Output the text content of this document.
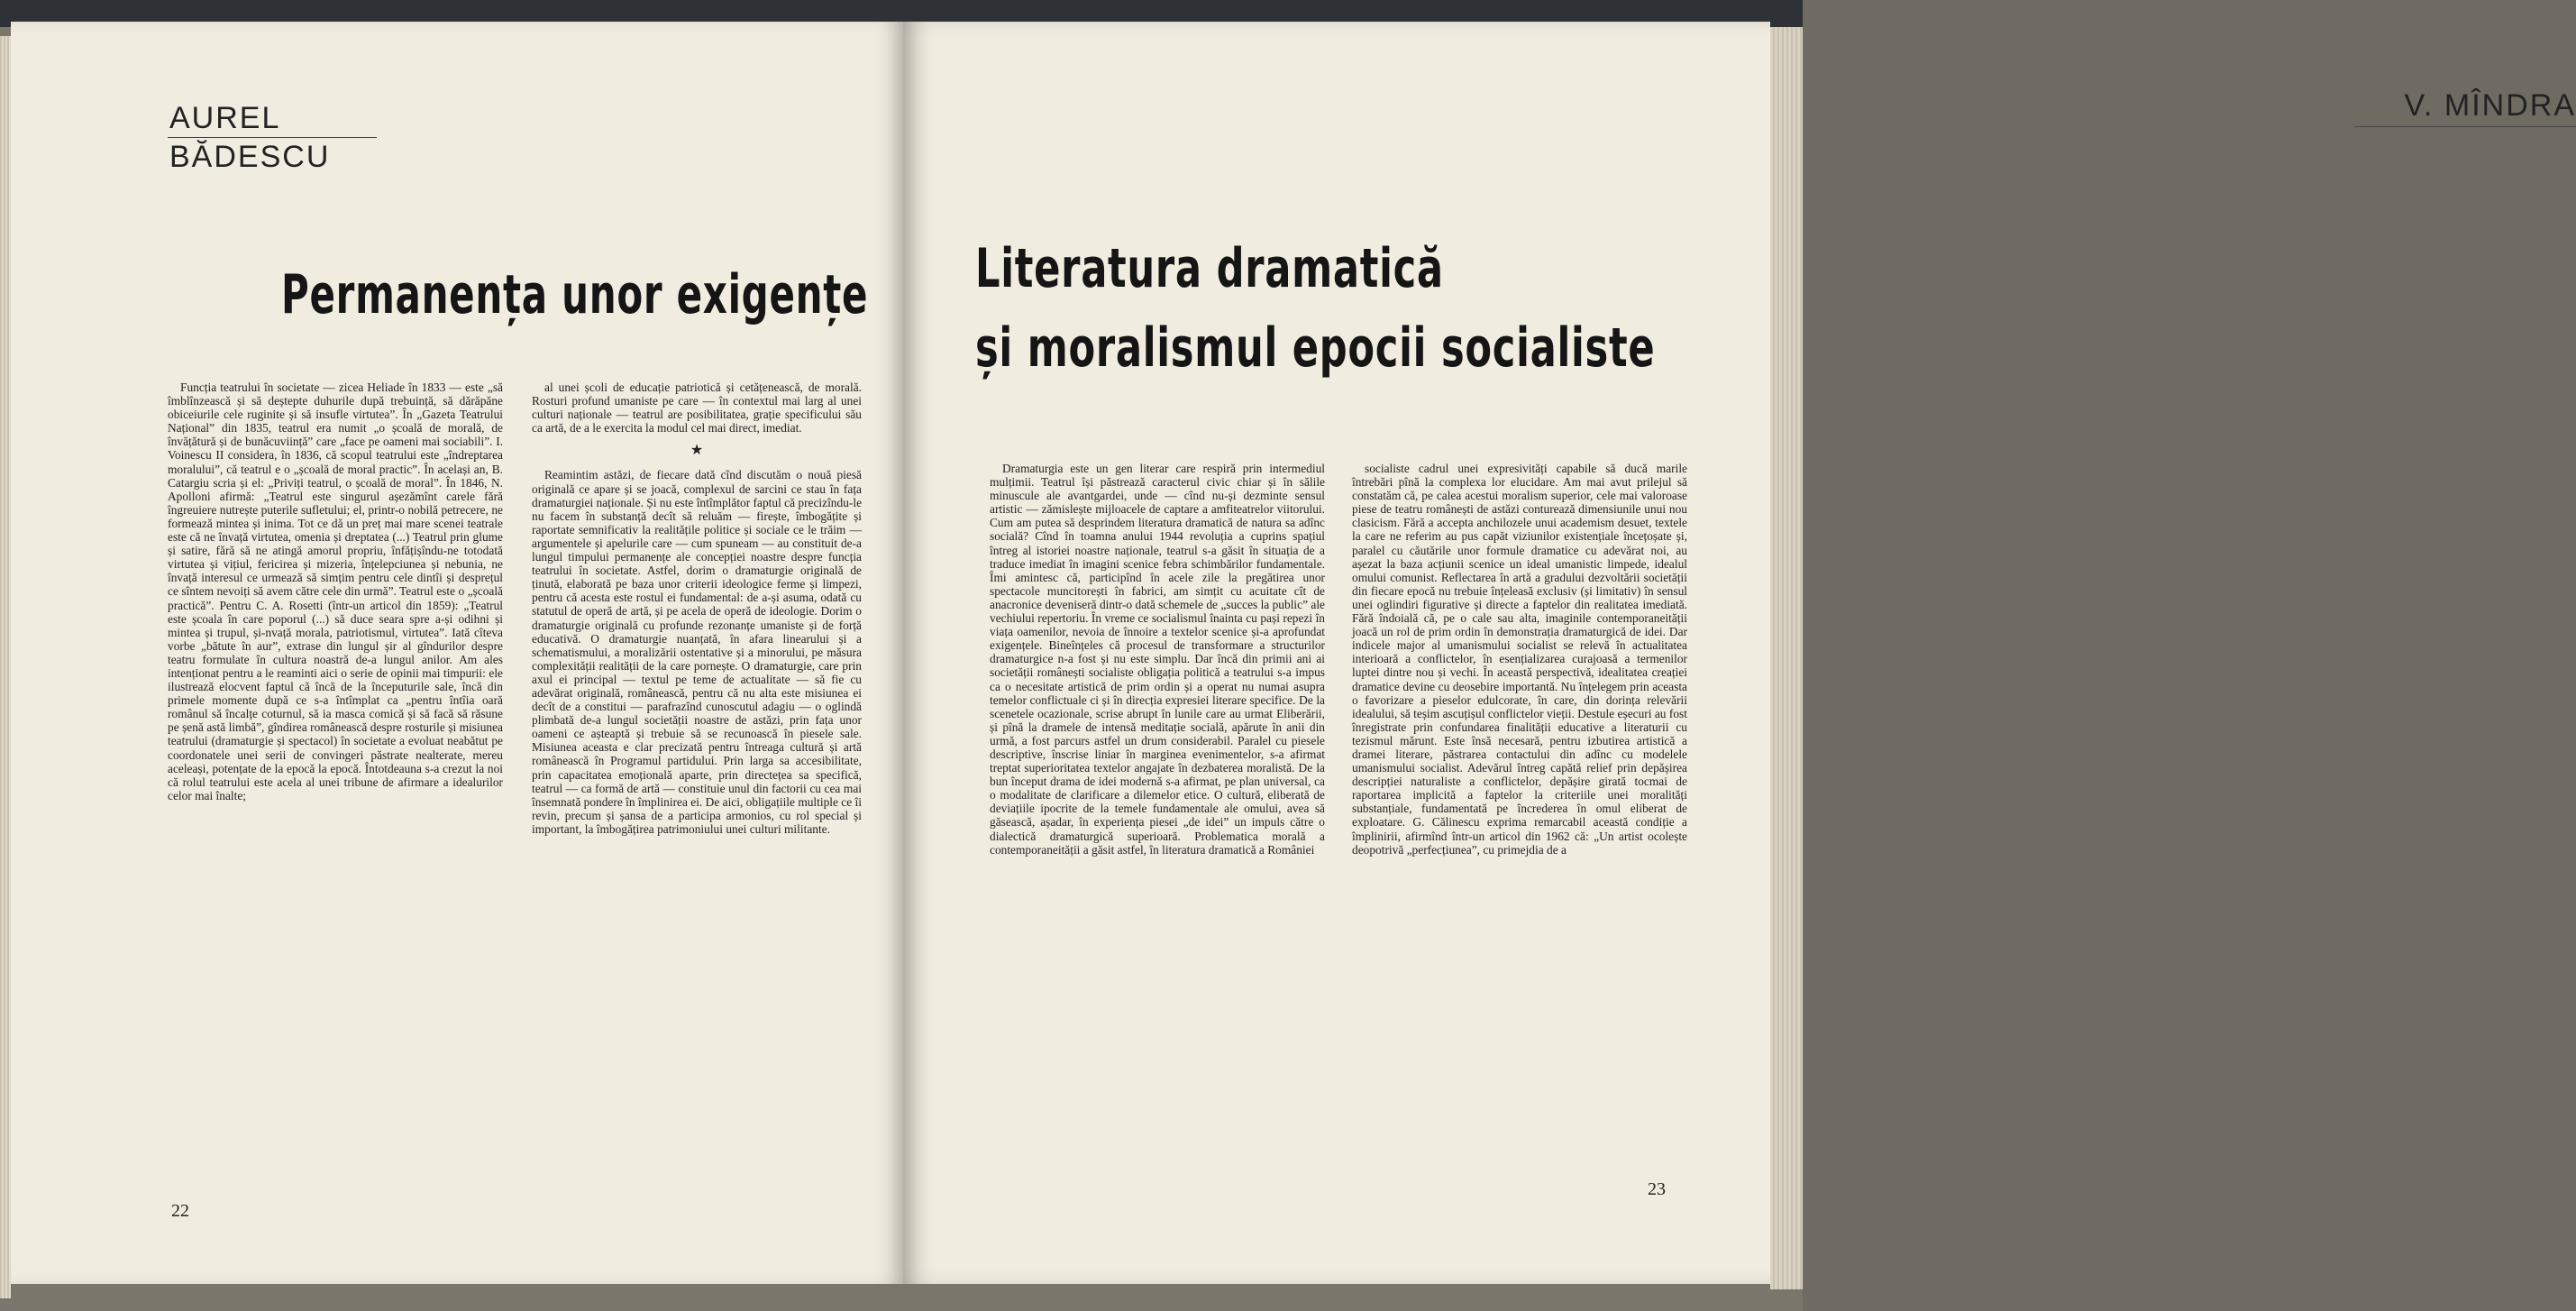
AUREL
BĂDESCU
Permanența unor exigențe

Funcția teatrului în societate — zicea Heliade în 1833 — este „să îmblînzească și să deștepte duhurile după trebuință, să dărăpăne obiceiurile cele ruginite și să insufle virtutea”. În „Gazeta Teatrului Național” din 1835, teatrul era numit „o școală de morală, de învățătură și de bunăcuviință” care „face pe oameni mai sociabili”. I. Voinescu II considera, în 1836, că scopul teatrului este „îndreptarea moralului”, că teatrul e o „școală de moral practic”. În același an, B. Catargiu scria și el: „Priviți teatrul, o școală de moral”. În 1846, N. Apolloni afirmă: „Teatrul este singurul așezămînt carele fără îngreuiere nutrește puterile sufletului; el, printr-o nobilă petrecere, ne formează mintea și inima. Tot ce dă un preț mai mare scenei teatrale este că ne învață virtutea, omenia și dreptatea (...) Teatrul prin glume și satire, fără să ne atingă amorul propriu, înfățișîndu-ne totodată virtutea și vițiul, fericirea și mizeria, înțelepciunea și nebunia, ne învață interesul ce urmează să simțim pentru cele dintîi și desprețul ce sîntem nevoiți să avem către cele din urmă”. Teatrul este o „școală practică”. Pentru C. A. Rosetti (într-un articol din 1859): „Teatrul este școala în care poporul (...) să duce seara spre a-și odihni și mintea și trupul, și-nvață morala, patriotismul, virtutea”. Iată cîteva vorbe „bătute în aur”, extrase din lungul șir al gîndurilor despre teatru formulate în cultura noastră de-a lungul anilor. Am ales intenționat pentru a le reaminti aici o serie de opinii mai timpurii: ele ilustrează elocvent faptul că încă de la începuturile sale, încă din primele momente după ce s-a întîmplat ca „pentru întîia oară românul să încalțe coturnul, să ia masca comică și să facă să răsune pe șenă astă limbă”, gîndirea românească despre rosturile și misiunea teatrului (dramaturgie și spectacol) în societate a evoluat neabătut pe coordonatele unei serii de convingeri păstrate nealterate, mereu aceleași, potențate de la epocă la epocă. Întotdeauna s-a crezut la noi că rolul teatrului este acela al unei tribune de afirmare a idealurilor celor mai înalte;

al unei școli de educație patriotică și cetățenească, de morală. Rosturi profund umaniste pe care — în contextul mai larg al unei culturi naționale — teatrul are posibilitatea, grație specificului său ca artă, de a le exercita la modul cel mai direct, imediat.

★

Reamintim astăzi, de fiecare dată cînd discutăm o nouă piesă originală ce apare și se joacă, complexul de sarcini ce stau în fața dramaturgiei naționale. Și nu este întîmplător faptul că precizîndu-le nu facem în substanță decît să reluăm — firește, îmbogățite și raportate semnificativ la realitățile politice și sociale ce le trăim — argumentele și apelurile care — cum spuneam — au constituit de-a lungul timpului permanențe ale concepției noastre despre funcția teatrului în societate. Astfel, dorim o dramaturgie originală de ținută, elaborată pe baza unor criterii ideologice ferme și limpezi, pentru că acesta este rostul ei fundamental: de a-și asuma, odată cu statutul de operă de artă, și pe acela de operă de ideologie. Dorim o dramaturgie originală cu profunde rezonanțe umaniste și de forță educativă. O dramaturgie nuanțată, în afara linearului și a schematismului, a moralizării ostentative și a minorului, pe măsura complexității realității de la care pornește. O dramaturgie, care prin axul ei principal — textul pe teme de actualitate — să fie cu adevărat originală, românească, pentru că nu alta este misiunea ei decît de a constitui — parafrazînd cunoscutul adagiu — o oglindă plimbată de-a lungul societății noastre de astăzi, prin fața unor oameni ce așteaptă și trebuie să se recunoască în piesele sale. Misiunea aceasta e clar precizată pentru întreaga cultură și artă românească în Programul partidului. Prin larga sa accesibilitate, prin capacitatea emoțională aparte, prin directețea sa specifică, teatrul — ca formă de artă — constituie unul din factorii cu cea mai însemnată pondere în împlinirea ei. De aici, obligațiile multiple ce îi revin, precum și șansa de a participa armonios, cu rol special și important, la îmbogățirea patrimoniului unei culturi militante.

22
V. MÎNDRA
Literatura dramatică
și moralismul epocii socialiste

Dramaturgia este un gen literar care respiră prin intermediul mulțimii. Teatrul își păstrează caracterul civic chiar și în sălile minuscule ale avantgardei, unde — cînd nu-și dezminte sensul artistic — zămislește mijloacele de captare a amfiteatrelor viitorului. Cum am putea să desprindem literatura dramatică de natura sa adînc socială? Cînd în toamna anului 1944 revoluția a cuprins spațiul întreg al istoriei noastre naționale, teatrul s-a găsit în situația de a traduce imediat în imagini scenice febra schimbărilor fundamentale. Îmi amintesc că, participînd în acele zile la pregătirea unor spectacole muncitorești în fabrici, am simțit cu acuitate cît de anacronice deveniseră dintr-o dată schemele de „succes la public” ale vechiului repertoriu. În vreme ce socialismul înainta cu pași repezi în viața oamenilor, nevoia de înnoire a textelor scenice și-a aprofundat exigențele. Bineînțeles că procesul de transformare a structurilor dramaturgice n-a fost și nu este simplu. Dar încă din primii ani ai societății românești socialiste obligația politică a teatrului s-a impus ca o necesitate artistică de prim ordin și a operat nu numai asupra temelor conflictuale ci și în direcția expresiei literare specifice. De la scenetele ocazionale, scrise abrupt în lunile care au urmat Eliberării, și pînă la dramele de intensă meditație socială, apărute în anii din urmă, a fost parcurs astfel un drum considerabil. Paralel cu piesele descriptive, înscrise liniar în marginea evenimentelor, s-a afirmat treptat superioritatea textelor angajate în dezbaterea moralistă. De la bun început drama de idei modernă s-a afirmat, pe plan universal, ca o modalitate de clarificare a dilemelor etice. O cultură, eliberată de deviațiile ipocrite de la temele fundamentale ale omului, avea să găsească, așadar, în experiența piesei „de idei” un impuls către o dialectică dramaturgică superioară. Problematica morală a contemporaneității a găsit astfel, în literatura dramatică a României

socialiste cadrul unei expresivități capabile să ducă marile întrebări pînă la complexa lor elucidare. Am mai avut prilejul să constatăm că, pe calea acestui moralism superior, cele mai valoroase piese de teatru românești de astăzi conturează dimensiunile unui nou clasicism. Fără a accepta anchilozele unui academism desuet, textele la care ne referim au pus capăt viziunilor existențiale încețoșate și, paralel cu căutările unor formule dramatice cu adevărat noi, au așezat la baza acțiunii scenice un ideal umanistic limpede, idealul omului comunist. Reflectarea în artă a gradului dezvoltării societății din fiecare epocă nu trebuie înțeleasă exclusiv (și limitativ) în sensul unei oglindiri figurative și directe a faptelor din realitatea imediată. Fără îndoială că, pe o cale sau alta, imaginile contemporaneității joacă un rol de prim ordin în demonstrația dramaturgică de idei. Dar indicele major al umanismului socialist se relevă în actualitatea interioară a conflictelor, în esențializarea curajoasă a termenilor luptei dintre nou și vechi. În această perspectivă, idealitatea creației dramatice devine cu deosebire importantă. Nu înțelegem prin aceasta o favorizare a pieselor edulcorate, în care, din dorința relevării idealului, să teșim ascuțișul conflictelor vieții. Destule eșecuri au fost înregistrate prin confundarea finalității educative a literaturii cu tezismul mărunt. Este însă necesară, pentru izbutirea artistică a dramei literare, păstrarea contactului din adînc cu modelele umanismului socialist. Adevărul întreg capătă relief prin depășirea descripției naturaliste a conflictelor, depășire girată tocmai de raportarea implicită a faptelor la criteriile unei moralități substanțiale, fundamentată pe încrederea în omul eliberat de exploatare. G. Călinescu exprima remarcabil această condiție a împlinirii, afirmînd într-un articol din 1962 că: „Un artist ocolește deopotrivă „perfecțiunea”, cu primejdia de a

23
